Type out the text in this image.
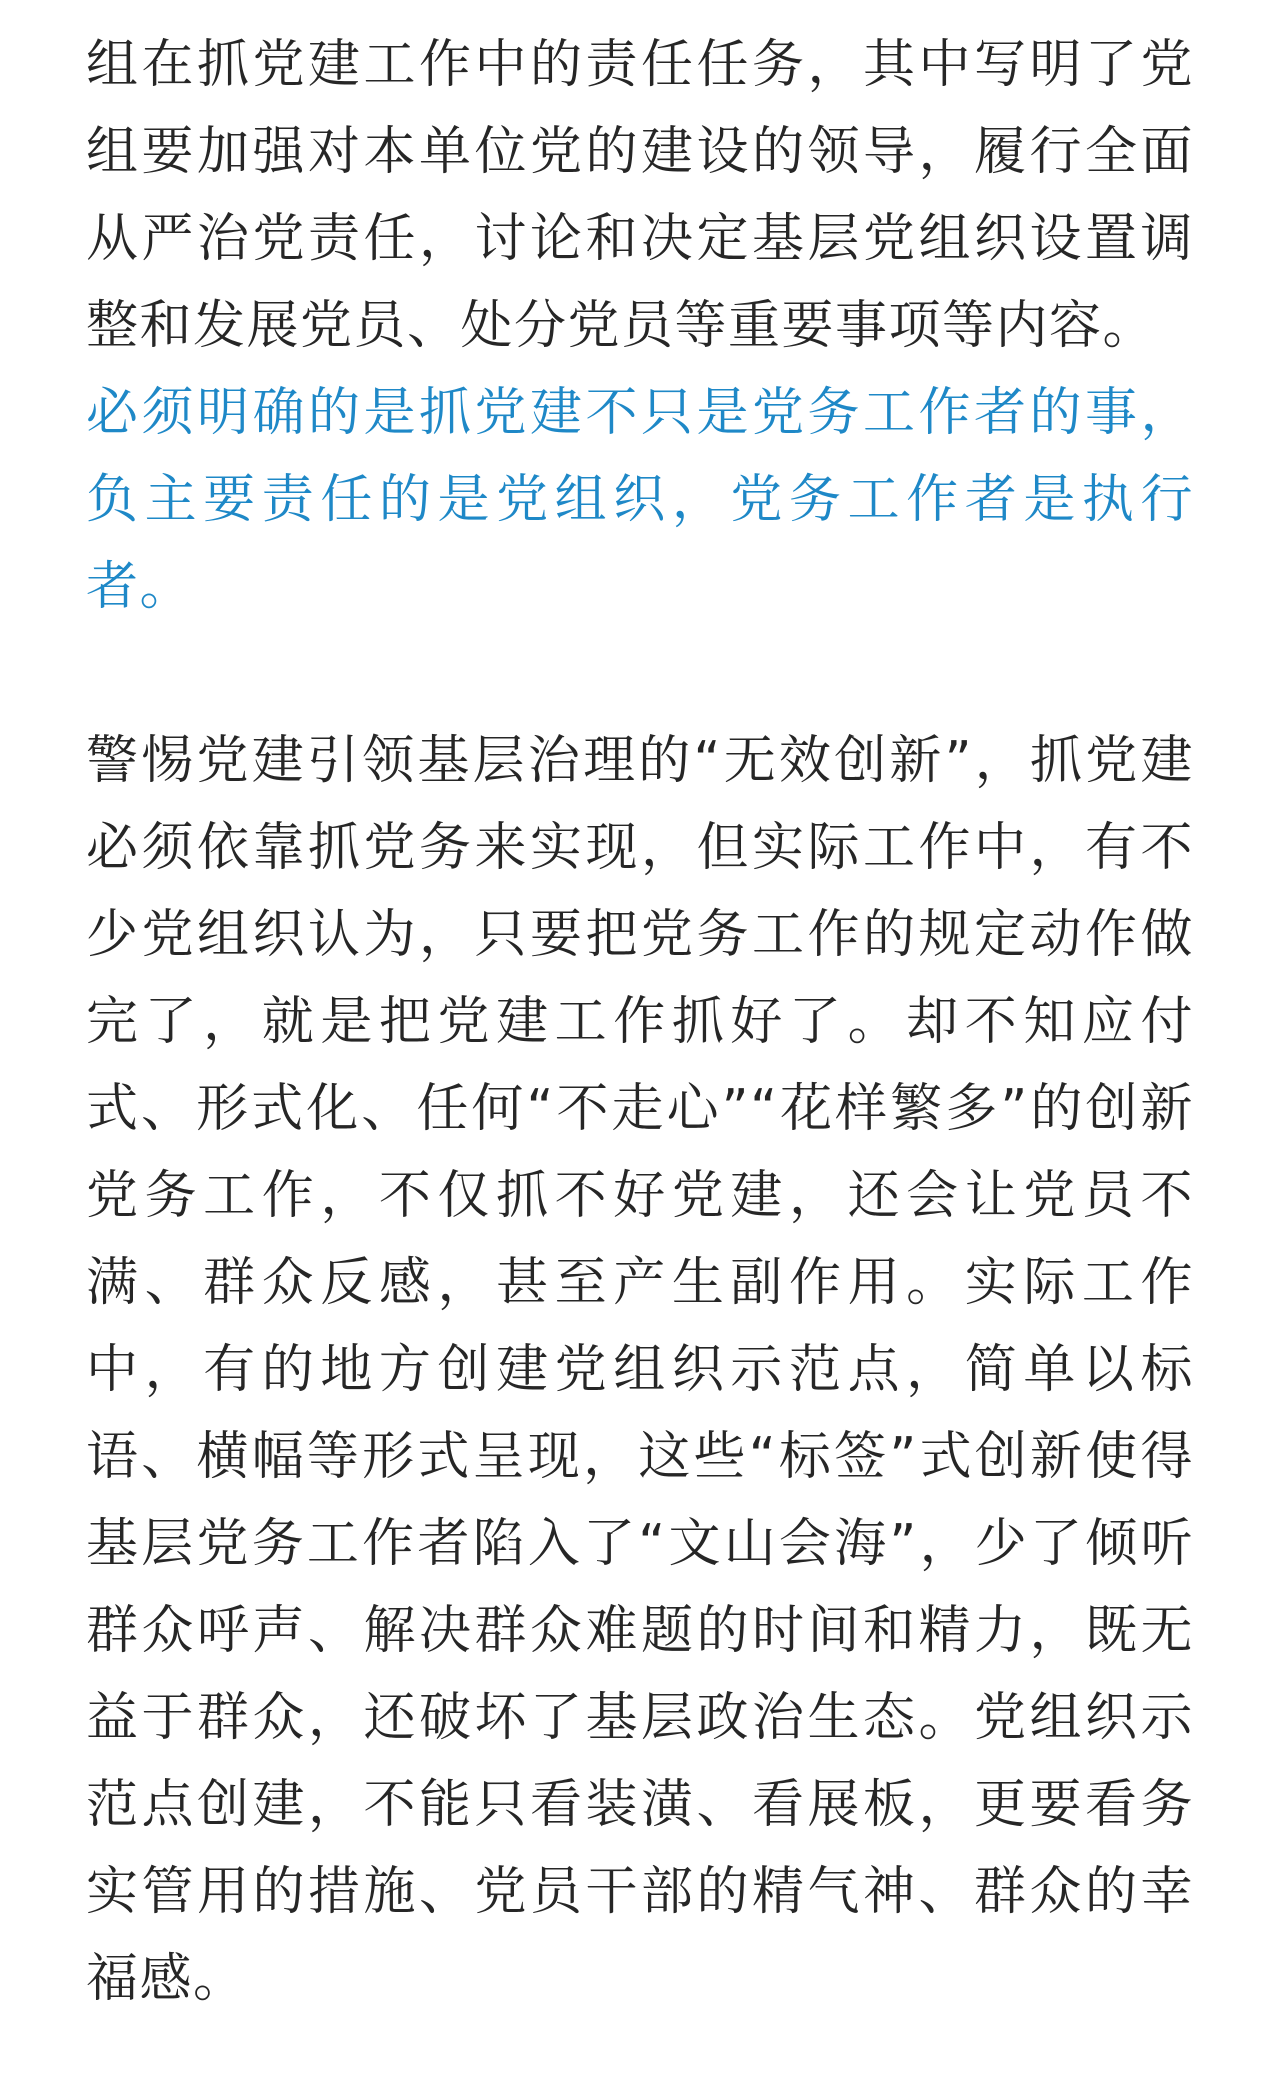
组在抓党建工作中的责任任务，其中写明了党组要加强对本单位党的建设的领导，履行全面从严治党责任，讨论和决定基层党组织设置调整和发展党员、处分党员等重要事项等内容。
必须明确的是抓党建不只是党务工作者的事，负主要责任的是党组织，党务工作者是执行者。

警惕党建引领基层治理的“无效创新”，抓党建必须依靠抓党务来实现，但实际工作中，有不少党组织认为，只要把党务工作的规定动作做完了，就是把党建工作抓好了。却不知应付式、形式化、任何“不走心”“花样繁多”的创新党务工作，不仅抓不好党建，还会让党员不满、群众反感，甚至产生副作用。实际工作中，有的地方创建党组织示范点，简单以标语、横幅等形式呈现，这些“标签”式创新使得基层党务工作者陷入了“文山会海”，少了倾听群众呼声、解决群众难题的时间和精力，既无益于群众，还破坏了基层政治生态。党组织示范点创建，不能只看装潢、看展板，更要看务实管用的措施、党员干部的精气神、群众的幸福感。
